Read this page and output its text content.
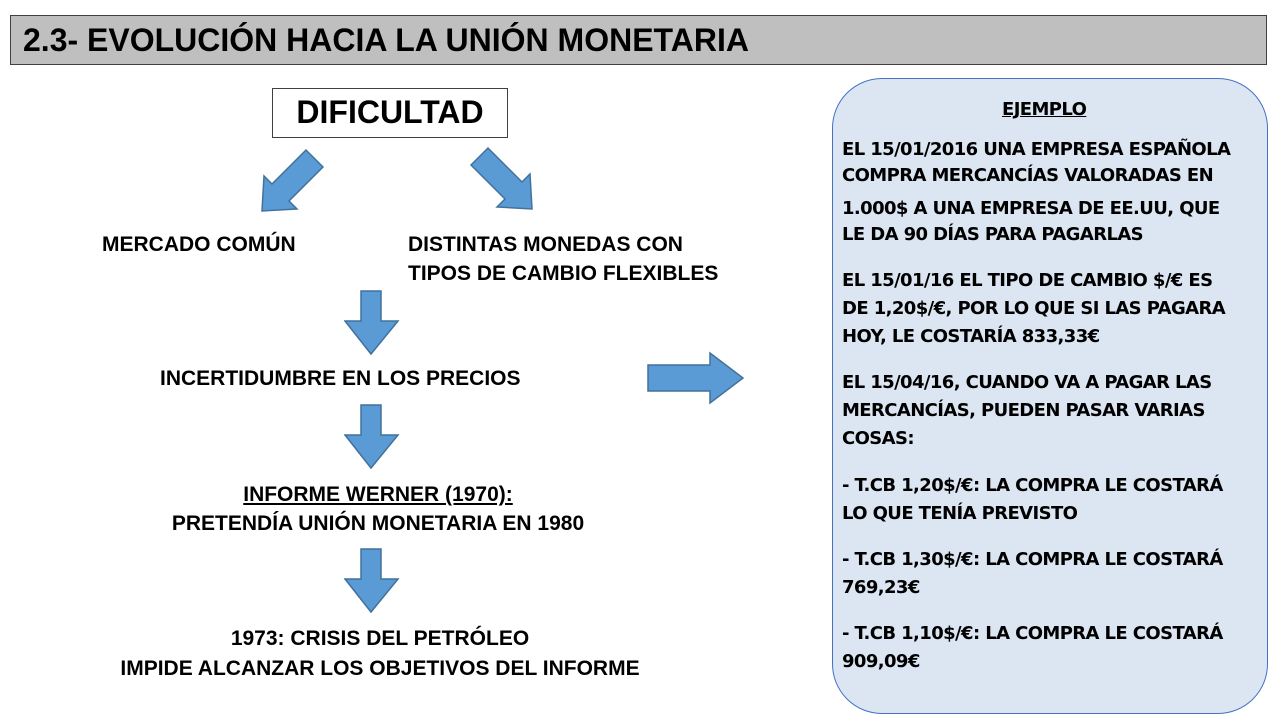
2.3- EVOLUCIÓN HACIA LA UNIÓN MONETARIA
DIFICULTAD
MERCADO COMÚN	DISTINTAS MONEDAS CON
TIPOS DE CAMBIO FLEXIBLES
INCERTIDUMBRE EN LOS PRECIOS
INFORME WERNER (1970):
PRETENDÍA UNIÓN MONETARIA EN 1980
1973: CRISIS DEL PETRÓLEO
IMPIDE ALCANZAR LOS OBJETIVOS DEL INFORME
EJEMPLO
EL 15/01/2016 UNA EMPRESA ESPAÑOLA
COMPRA MERCANCÍAS VALORADAS EN
1.000$ A UNA EMPRESA DE EE.UU, QUE
LE DA 90 DÍAS PARA PAGARLAS
EL 15/01/16 EL TIPO DE CAMBIO $/€ ES
DE 1,20$/€, POR LO QUE SI LAS PAGARA
HOY, LE COSTARÍA 833,33€
EL 15/04/16, CUANDO VA A PAGAR LAS
MERCANCÍAS, PUEDEN PASAR VARIAS
COSAS:
- T.CB 1,20$/€: LA COMPRA LE COSTARÁ
LO QUE TENÍA PREVISTO
- T.CB 1,30$/€: LA COMPRA LE COSTARÁ
769,23€
- T.CB 1,10$/€: LA COMPRA LE COSTARÁ
909,09€
